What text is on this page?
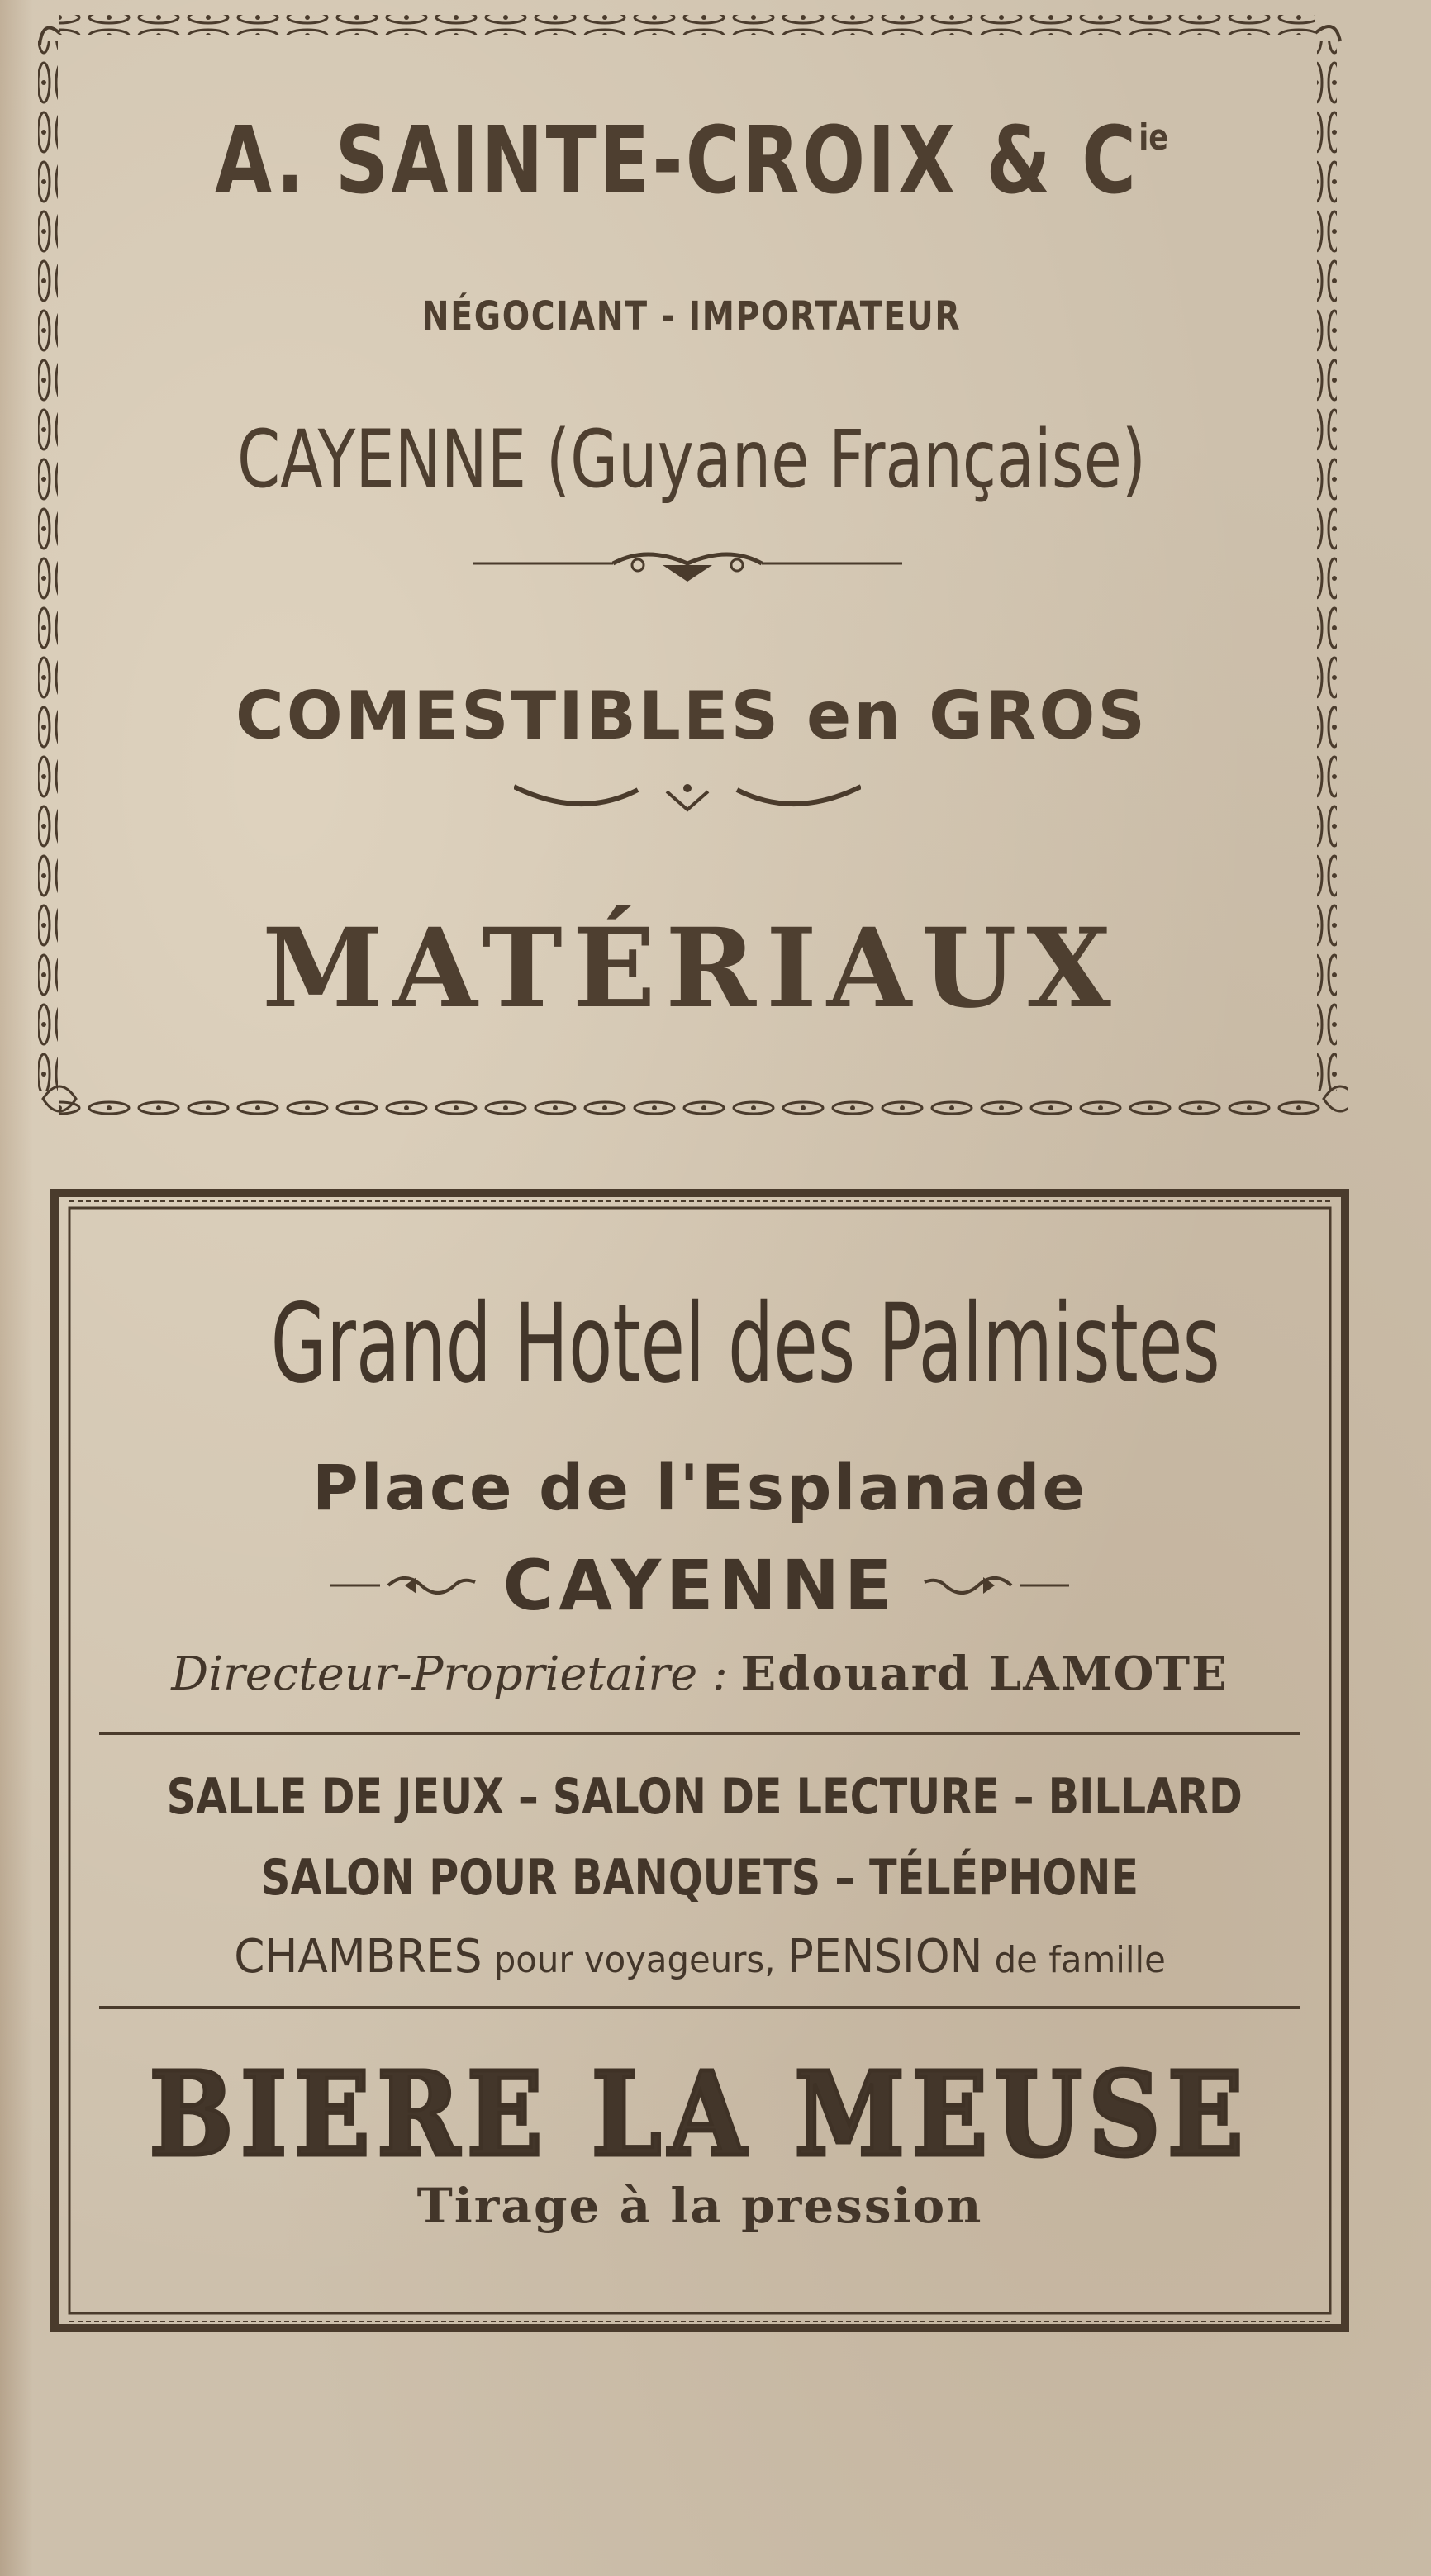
A. SAINTE-CROIX & $C^{ie}$
NÉGOCIANT - IMPORTATEUR
CAYENNE (Guyane Française)
COMESTIBLES en GROS
MATÉRIAUX
Grand Hotel des Palmistes
Place de l'Esplanade
CAYENNE
Directeur-Proprietaire : Edouard LAMOTE
SALLE DE JEUX – SALON DE LECTURE – BILLARD
SALON POUR BANQUETS – TÉLÉPHONE
CHAMBRES pour voyageurs, PENSION de famille
BIERE LA MEUSE
Tirage à la pression
